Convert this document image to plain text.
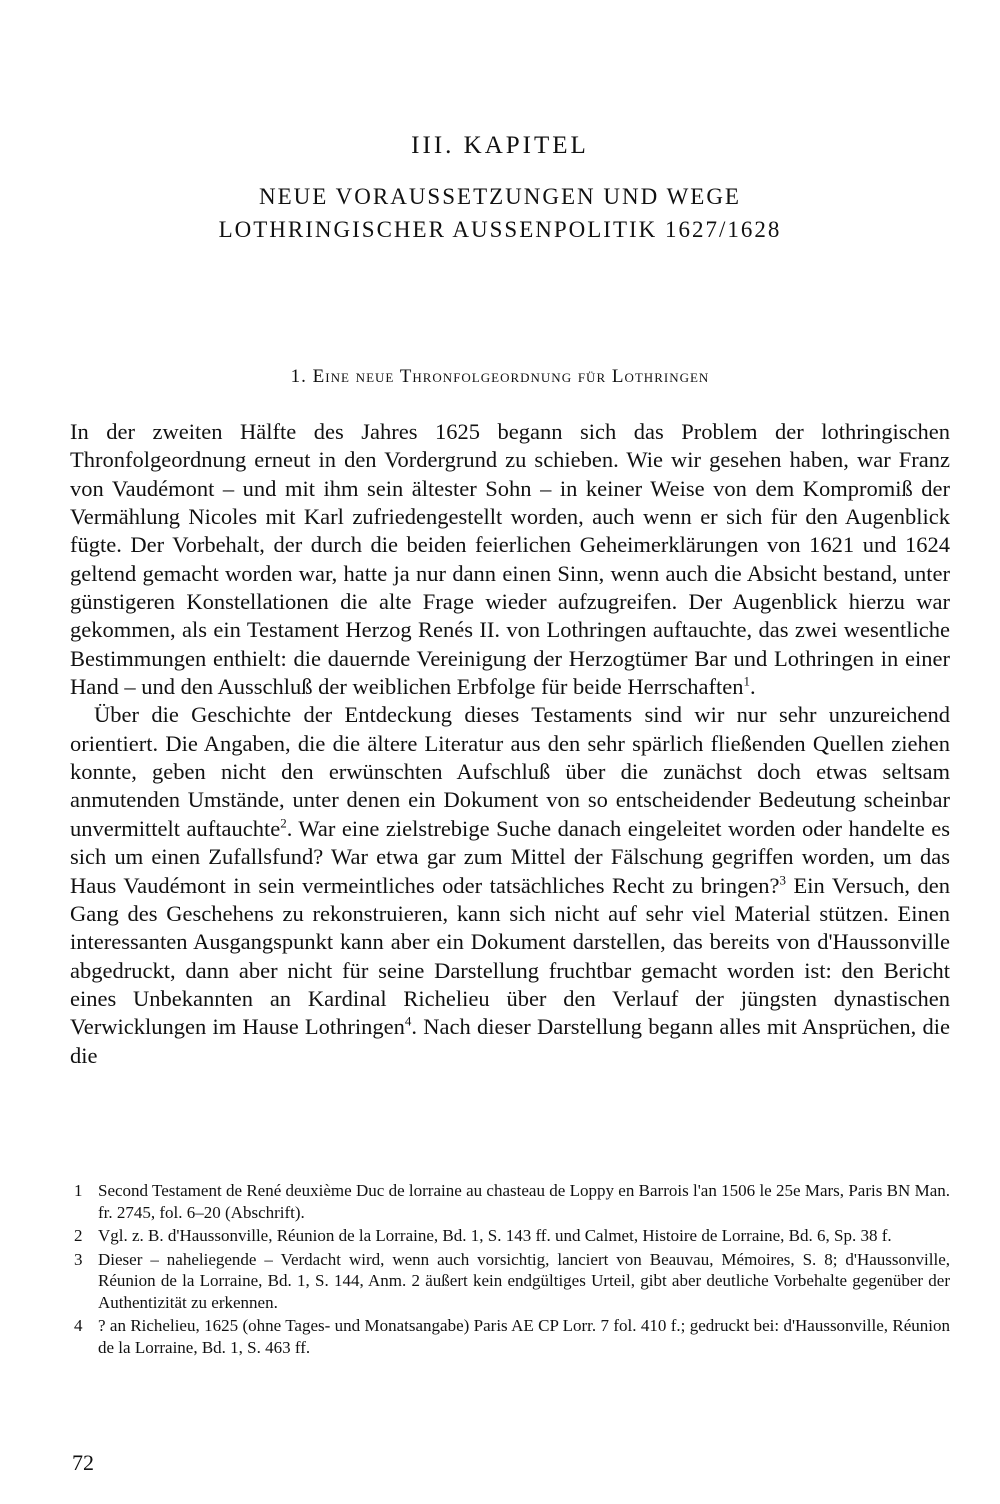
III. KAPITEL
NEUE VORAUSSETZUNGEN UND WEGE
LOTHRINGISCHER AUSSENPOLITIK 1627/1628
1. Eine neue Thronfolgeordnung für Lothringen

In der zweiten Hälfte des Jahres 1625 begann sich das Problem der lothringischen Thronfolgeordnung erneut in den Vordergrund zu schieben. Wie wir gesehen haben, war Franz von Vaudémont – und mit ihm sein ältester Sohn – in keiner Weise von dem Kompromiß der Vermählung Nicoles mit Karl zufriedengestellt worden, auch wenn er sich für den Augenblick fügte. Der Vorbehalt, der durch die beiden feierlichen Geheimerklärungen von 1621 und 1624 geltend gemacht worden war, hatte ja nur dann einen Sinn, wenn auch die Absicht bestand, unter günstigeren Konstellationen die alte Frage wieder aufzugreifen. Der Augenblick hierzu war gekommen, als ein Testament Herzog Renés II. von Lothringen auftauchte, das zwei wesentliche Bestimmungen enthielt: die dauernde Vereinigung der Herzogtümer Bar und Lothringen in einer Hand – und den Ausschluß der weiblichen Erbfolge für beide Herrschaften$^1$.

Über die Geschichte der Entdeckung dieses Testaments sind wir nur sehr unzureichend orientiert. Die Angaben, die die ältere Literatur aus den sehr spärlich fließenden Quellen ziehen konnte, geben nicht den erwünschten Aufschluß über die zunächst doch etwas seltsam anmutenden Umstände, unter denen ein Dokument von so entscheidender Bedeutung scheinbar unvermittelt auftauchte$^2$. War eine zielstrebige Suche danach eingeleitet worden oder handelte es sich um einen Zufallsfund? War etwa gar zum Mittel der Fälschung gegriffen worden, um das Haus Vaudémont in sein vermeintliches oder tatsächliches Recht zu bringen?$^3$ Ein Versuch, den Gang des Geschehens zu rekonstruieren, kann sich nicht auf sehr viel Material stützen. Einen interessanten Ausgangspunkt kann aber ein Dokument darstellen, das bereits von d'Haussonville abgedruckt, dann aber nicht für seine Darstellung fruchtbar gemacht worden ist: den Bericht eines Unbekannten an Kardinal Richelieu über den Verlauf der jüngsten dynastischen Verwicklungen im Hause Lothringen$^4$. Nach dieser Darstellung begann alles mit Ansprüchen, die die

1 Second Testament de René deuxième Duc de lorraine au chasteau de Loppy en Barrois l'an 1506 le 25e Mars, Paris BN Man. fr. 2745, fol. 6–20 (Abschrift).
2 Vgl. z. B. d'Haussonville, Réunion de la Lorraine, Bd. 1, S. 143 ff. und Calmet, Histoire de Lorraine, Bd. 6, Sp. 38 f.
3 Dieser – naheliegende – Verdacht wird, wenn auch vorsichtig, lanciert von Beauvau, Mémoires, S. 8; d'Haussonville, Réunion de la Lorraine, Bd. 1, S. 144, Anm. 2 äußert kein endgültiges Urteil, gibt aber deutliche Vorbehalte gegenüber der Authentizität zu erkennen.
4 ? an Richelieu, 1625 (ohne Tages- und Monatsangabe) Paris AE CP Lorr. 7 fol. 410 f.; gedruckt bei: d'Haussonville, Réunion de la Lorraine, Bd. 1, S. 463 ff.
72
